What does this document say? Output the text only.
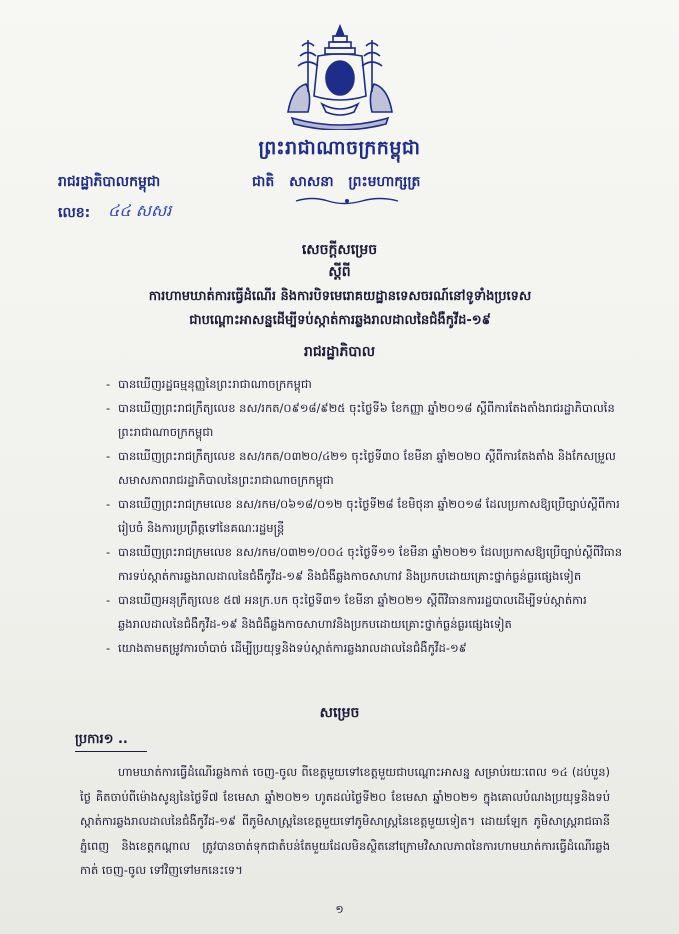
ព្រះរាជាណាចក្រកម្ពុជា
រាជរដ្ឋាភិបាលកម្ពុជា	ជាតិ សាសនា ព្រះមហាក្សត្រ
លេខ: ៤៤ សសរ
សេចក្តីសម្រេច
ស្តីពី
ការហាមឃាត់ការធ្វើដំណើរ និងការបិទមេរោគយដ្ឋានទេសចរណ៍នៅទូទាំងប្រទេស
ជាបណ្តោះអាសន្នដើម្បីទប់ស្កាត់ការឆ្លងរាលដាលនៃជំងឺកូវីដ-១៩
រាជរដ្ឋាភិបាល
- បានឃើញរដ្ឋធម្មនុញ្ញនៃព្រះរាជាណាចក្រកម្ពុជា
- បានឃើញព្រះរាជក្រឹត្យលេខ នស/រកត/០៩១៨/៩២៥ ចុះថ្ងៃទី៦ ខែកញ្ញា ឆ្នាំ២០១៨ ស្តីពីការតែងតាំងរាជរដ្ឋាភិបាលនៃព្រះរាជាណាចក្រកម្ពុជា
- បានឃើញព្រះរាជក្រឹត្យលេខ នស/រកត/០៣២០/៤២១ ចុះថ្ងៃទី៣០ ខែមីនា ឆ្នាំ២០២០ ស្តីពីការតែងតាំង និងកែសម្រួលសមាសភាពរាជរដ្ឋាភិបាលនៃព្រះរាជាណាចក្រកម្ពុជា
- បានឃើញព្រះរាជក្រមលេខ នស/រកម/០៦១៨/០១២ ចុះថ្ងៃទី២៨ ខែមិថុនា ឆ្នាំ២០១៨ ដែលប្រកាសឱ្យប្រើច្បាប់ស្តីពីការរៀបចំ និងការប្រព្រឹត្តទៅនៃគណៈរដ្ឋមន្ត្រី
- បានឃើញព្រះរាជក្រមលេខ នស/រកម/០៣២១/០០៤ ចុះថ្ងៃទី១១ ខែមីនា ឆ្នាំ២០២១ ដែលប្រកាសឱ្យប្រើច្បាប់ស្តីពីវិធានការទប់ស្កាត់ការឆ្លងរាលដាលនៃជំងឺកូវីដ-១៩ និងជំងឺឆ្លងកាចសាហាវ និងប្រកបដោយគ្រោះថ្នាក់ធ្ងន់ធ្ងរផ្សេងទៀត
- បានឃើញអនុក្រឹត្យលេខ ៥៧ អនក្រ.បក ចុះថ្ងៃទី៣១ ខែមីនា ឆ្នាំ២០២១ ស្តីពីវិធានការរដ្ឋបាលដើម្បីទប់ស្កាត់ការឆ្លងរាលដាលនៃជំងឺកូវីដ-១៩ និងជំងឺឆ្លងកាចសាហាវនិងប្រកបដោយគ្រោះថ្នាក់ធ្ងន់ធ្ងរផ្សេងទៀត
- យោងតាមតម្រូវការចាំបាច់ ដើម្បីប្រយុទ្ធនិងទប់ស្កាត់ការឆ្លងរាលដាលនៃជំងឺកូវីដ-១៩
សម្រេច
ប្រការ១ ..

ហាមឃាត់ការធ្វើដំណើរឆ្លងកាត់ ចេញ-ចូល ពីខេត្តមួយទៅខេត្តមួយជាបណ្តោះអាសន្ន សម្រាប់រយៈពេល ១៤ (ដប់បួន) ថ្ងៃ គិតចាប់ពីម៉ោងសូន្យនៃថ្ងៃទី៧ ខែមេសា ឆ្នាំ២០២១ ហូតដល់ថ្ងៃទី២០ ខែមេសា ឆ្នាំ២០២១ ក្នុងគោលបំណងប្រយុទ្ធនិងទប់ស្កាត់ការឆ្លងរាលដាលនៃជំងឺកូវីដ-១៩ ពីភូមិសាស្ត្រនៃខេត្តមួយទៅភូមិសាស្ត្រនៃខេត្តមួយទៀត។ ដោយឡែក ភូមិសាស្ត្ររាជធានីភ្នំពេញ និងខេត្តកណ្តាល ត្រូវបានចាត់ទុកជាតំបន់តែមួយដែលមិនស្ថិតនៅក្រោមវិសាលភាពនៃការហាមឃាត់ការធ្វើដំណើរឆ្លងកាត់ ចេញ-ចូល ទៅវិញទៅមកនេះទេ។

១
